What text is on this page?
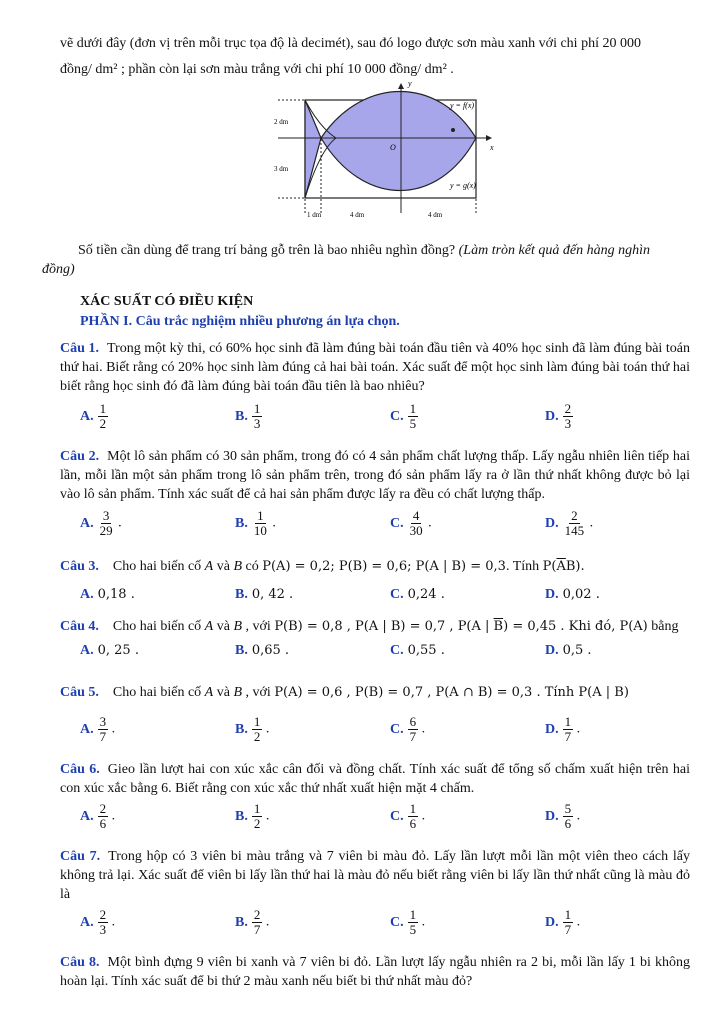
vẽ dưới đây (đơn vị trên mỗi trục tọa độ là decimét), sau đó logo được sơn màu xanh với chi phí 20 000
đồng/ dm² ; phần còn lại sơn màu trắng với chi phí 10 000 đồng/ dm² .
y
x
O
y = f(x)
y = g(x)
2 dm
3 dm
1 dm	4 dm	4 dm
Số tiền cần dùng để trang trí bảng gỗ trên là bao nhiêu nghìn đồng? (Làm tròn kết quả đến hàng nghìn
đồng)
XÁC SUẤT CÓ ĐIỀU KIỆN
PHẦN I. Câu trắc nghiệm nhiều phương án lựa chọn.
Câu 1. Trong một kỳ thi, có 60% học sinh đã làm đúng bài toán đầu tiên và 40% học sinh đã làm đúng bài toán thứ hai. Biết rằng có 20% học sinh làm đúng cả hai bài toán. Xác suất để một học sinh làm đúng bài toán thứ hai biết rằng học sinh đó đã làm đúng bài toán đầu tiên là bao nhiêu?
A. $\frac{1}{2}$	B. $\frac{1}{3}$	C. $\frac{1}{5}$	D. $\frac{2}{3}$
Câu 2. Một lô sản phẩm có 30 sản phẩm, trong đó có 4 sản phẩm chất lượng thấp. Lấy ngẫu nhiên liên tiếp hai lần, mỗi lần một sản phẩm trong lô sản phẩm trên, trong đó sản phẩm lấy ra ở lần thứ nhất không được bỏ lại vào lô sản phẩm. Tính xác suất để cả hai sản phẩm được lấy ra đều có chất lượng thấp.
A. $\frac{3}{29}$ .	B. $\frac{1}{10}$ .	C. $\frac{4}{30}$ .	D. $\frac{2}{145}$ .
Câu 3. Cho hai biến cố A và B có P(A) = 0,2; P(B) = 0,6; P(A | B) = 0,3. Tính $P(\overline{A}B)$.
A. 0,18 .	B. 0, 42 .	C. 0,24 .	D. 0,02 .
Câu 4. Cho hai biến cố A và B , với P(B) = 0,8 , P(A | B) = 0,7 , P(A | $\overline{B}) = 0,45$ . Khi đó, P(A) bằng
A. 0, 25 .	B. 0,65 .	C. 0,55 .	D. 0,5 .
Câu 5. Cho hai biến cố A và B , với P(A) = 0,6 , P(B) = 0,7 , P(A ∩ B) = 0,3 . Tính P(A | B)
A. $\frac{3}{7}$ .	B. $\frac{1}{2}$ .	C. $\frac{6}{7}$ .	D. $\frac{1}{7}$ .
Câu 6. Gieo lần lượt hai con xúc xắc cân đối và đồng chất. Tính xác suất để tổng số chấm xuất hiện trên hai con xúc xắc bằng 6. Biết rằng con xúc xắc thứ nhất xuất hiện mặt 4 chấm.
A. $\frac{2}{6}$ .	B. $\frac{1}{2}$ .	C. $\frac{1}{6}$ .	D. $\frac{5}{6}$ .
Câu 7. Trong hộp có 3 viên bi màu trắng và 7 viên bi màu đỏ. Lấy lần lượt mỗi lần một viên theo cách lấy không trả lại. Xác suất để viên bi lấy lần thứ hai là màu đỏ nếu biết rằng viên bi lấy lần thứ nhất cũng là màu đỏ là
A. $\frac{2}{3}$ .	B. $\frac{2}{7}$ .	C. $\frac{1}{5}$ .	D. $\frac{1}{7}$ .
Câu 8. Một bình đựng 9 viên bi xanh và 7 viên bi đỏ. Lần lượt lấy ngẫu nhiên ra 2 bi, mỗi lần lấy 1 bi không hoàn lại. Tính xác suất để bi thứ 2 màu xanh nếu biết bi thứ nhất màu đỏ?
